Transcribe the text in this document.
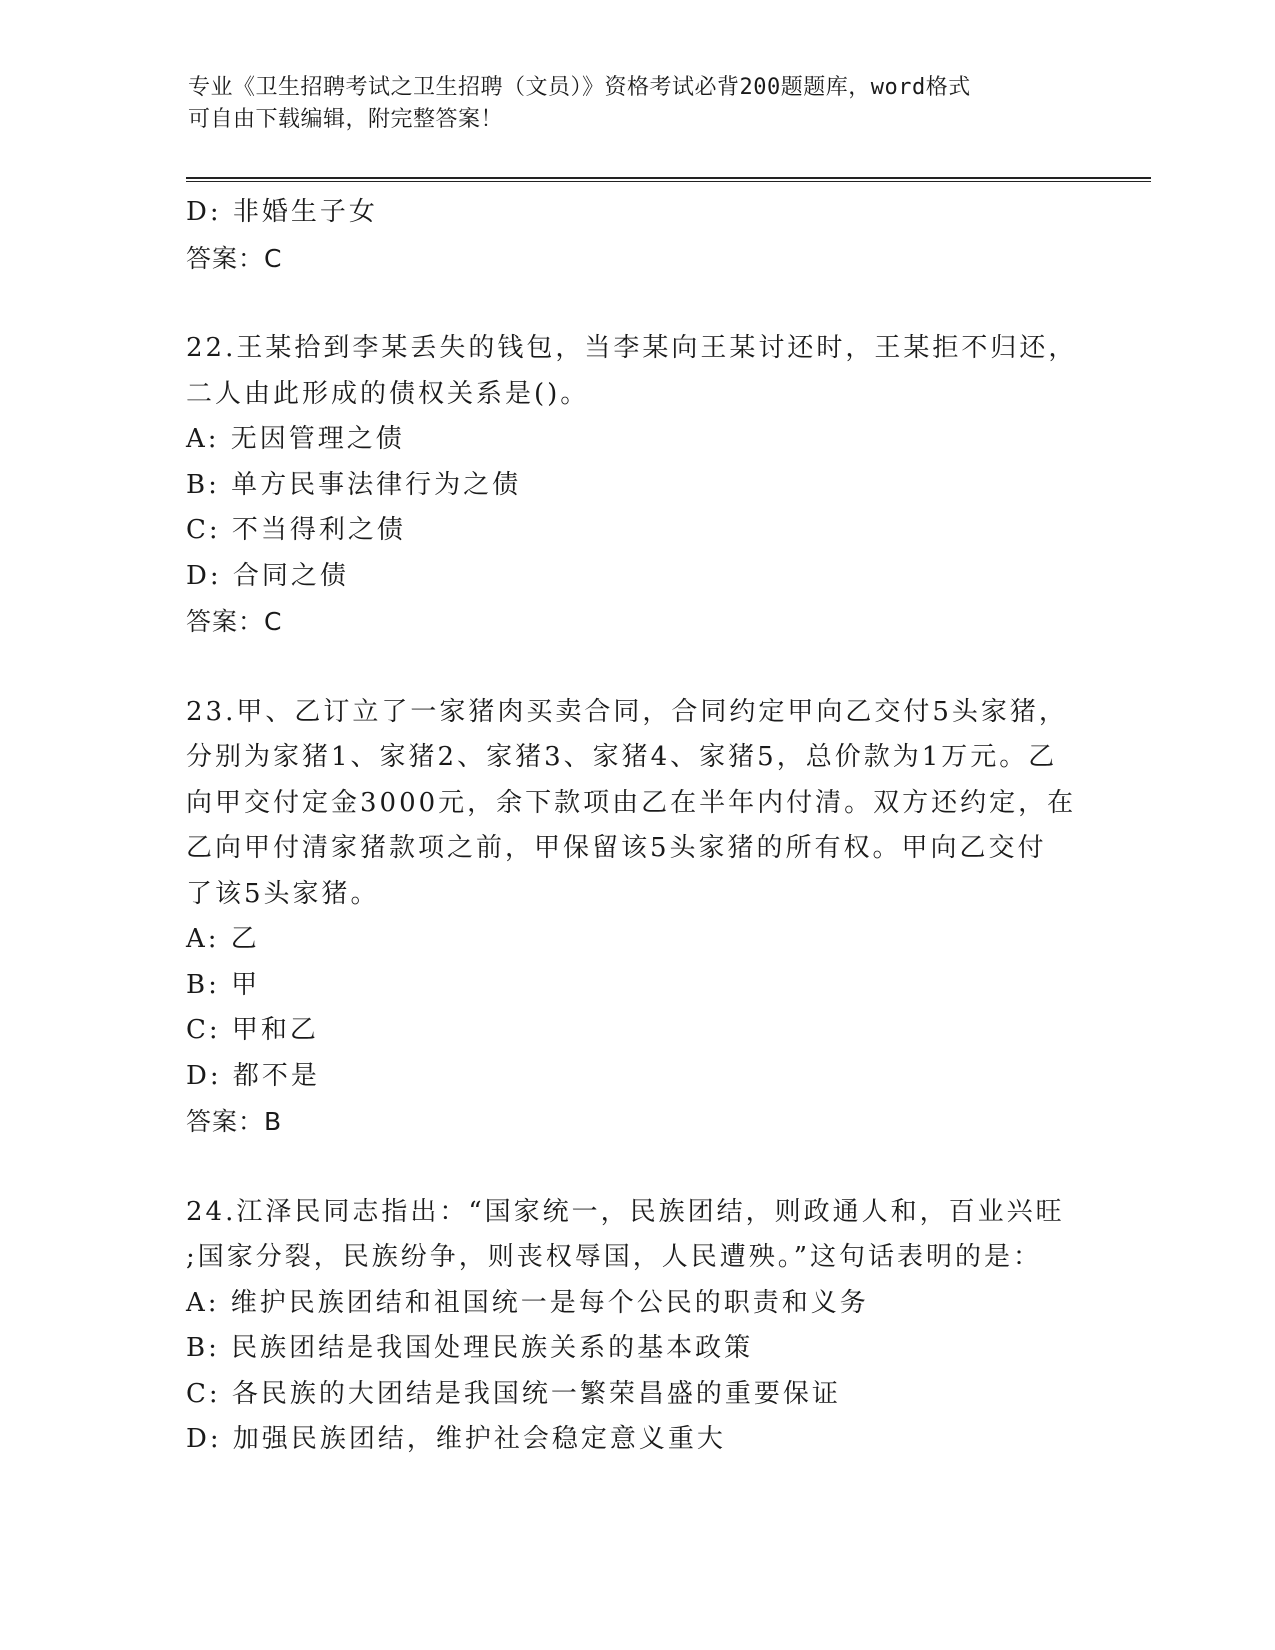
专业《卫生招聘考试之卫生招聘（文员）》资格考试必背200题题库，word格式
可自由下载编辑，附完整答案！
D: 非婚生子女
答案：C
22.王某拾到李某丢失的钱包，当李某向王某讨还时，王某拒不归还，
二人由此形成的债权关系是()。
A: 无因管理之债
B: 单方民事法律行为之债
C: 不当得利之债
D: 合同之债
答案：C
23.甲、乙订立了一家猪肉买卖合同，合同约定甲向乙交付5头家猪，
分别为家猪1、家猪2、家猪3、家猪4、家猪5，总价款为1万元。乙
向甲交付定金3000元，余下款项由乙在半年内付清。双方还约定，在
乙向甲付清家猪款项之前，甲保留该5头家猪的所有权。甲向乙交付
了该5头家猪。
A: 乙
B: 甲
C: 甲和乙
D: 都不是
答案：B
24.江泽民同志指出：“国家统一，民族团结，则政通人和，百业兴旺
;国家分裂，民族纷争，则丧权辱国，人民遭殃。”这句话表明的是：
A: 维护民族团结和祖国统一是每个公民的职责和义务
B: 民族团结是我国处理民族关系的基本政策
C: 各民族的大团结是我国统一繁荣昌盛的重要保证
D: 加强民族团结，维护社会稳定意义重大
